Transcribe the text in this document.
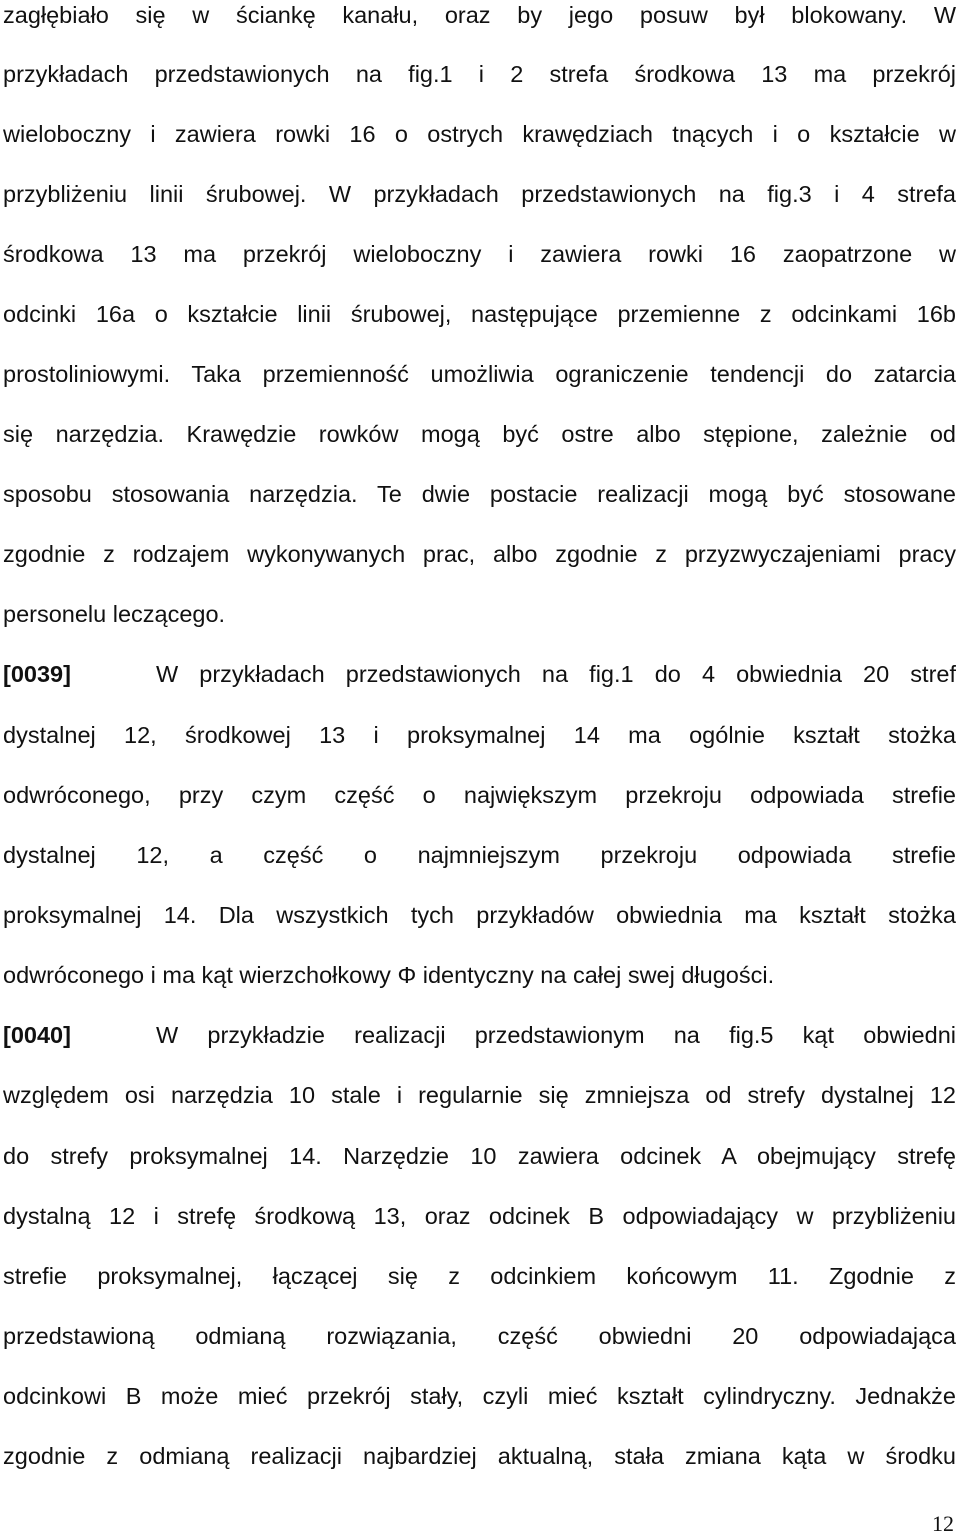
zagłębiało się w ściankę kanału, oraz by jego posuw był blokowany. W
przykładach przedstawionych na fig.1 i 2 strefa środkowa 13 ma przekrój
wieloboczny i zawiera rowki 16 o ostrych krawędziach tnących i o kształcie w
przybliżeniu linii śrubowej. W przykładach przedstawionych na fig.3 i 4 strefa
środkowa 13 ma przekrój wieloboczny i zawiera rowki 16 zaopatrzone w
odcinki 16a o kształcie linii śrubowej, następujące przemienne z odcinkami 16b
prostoliniowymi. Taka przemienność umożliwia ograniczenie tendencji do zatarcia
się narzędzia. Krawędzie rowków mogą być ostre albo stępione, zależnie od
sposobu stosowania narzędzia. Te dwie postacie realizacji mogą być stosowane
zgodnie z rodzajem wykonywanych prac, albo zgodnie z przyzwyczajeniami pracy
personelu leczącego.
[0039]	W przykładach przedstawionych na fig.1 do 4 obwiednia 20 stref
dystalnej 12, środkowej 13 i proksymalnej 14 ma ogólnie kształt stożka
odwróconego, przy czym część o największym przekroju odpowiada strefie
dystalnej 12, a część o najmniejszym przekroju odpowiada strefie
proksymalnej 14. Dla wszystkich tych przykładów obwiednia ma kształt stożka
odwróconego i ma kąt wierzchołkowy Φ identyczny na całej swej długości.
[0040]	W przykładzie realizacji przedstawionym na fig.5 kąt obwiedni
względem osi narzędzia 10 stale i regularnie się zmniejsza od strefy dystalnej 12
do strefy proksymalnej 14. Narzędzie 10 zawiera odcinek A obejmujący strefę
dystalną 12 i strefę środkową 13, oraz odcinek B odpowiadający w przybliżeniu
strefie proksymalnej, łączącej się z odcinkiem końcowym 11. Zgodnie z
przedstawioną odmianą rozwiązania, część obwiedni 20 odpowiadająca
odcinkowi B może mieć przekrój stały, czyli mieć kształt cylindryczny. Jednakże
zgodnie z odmianą realizacji najbardziej aktualną, stała zmiana kąta w środku
12
